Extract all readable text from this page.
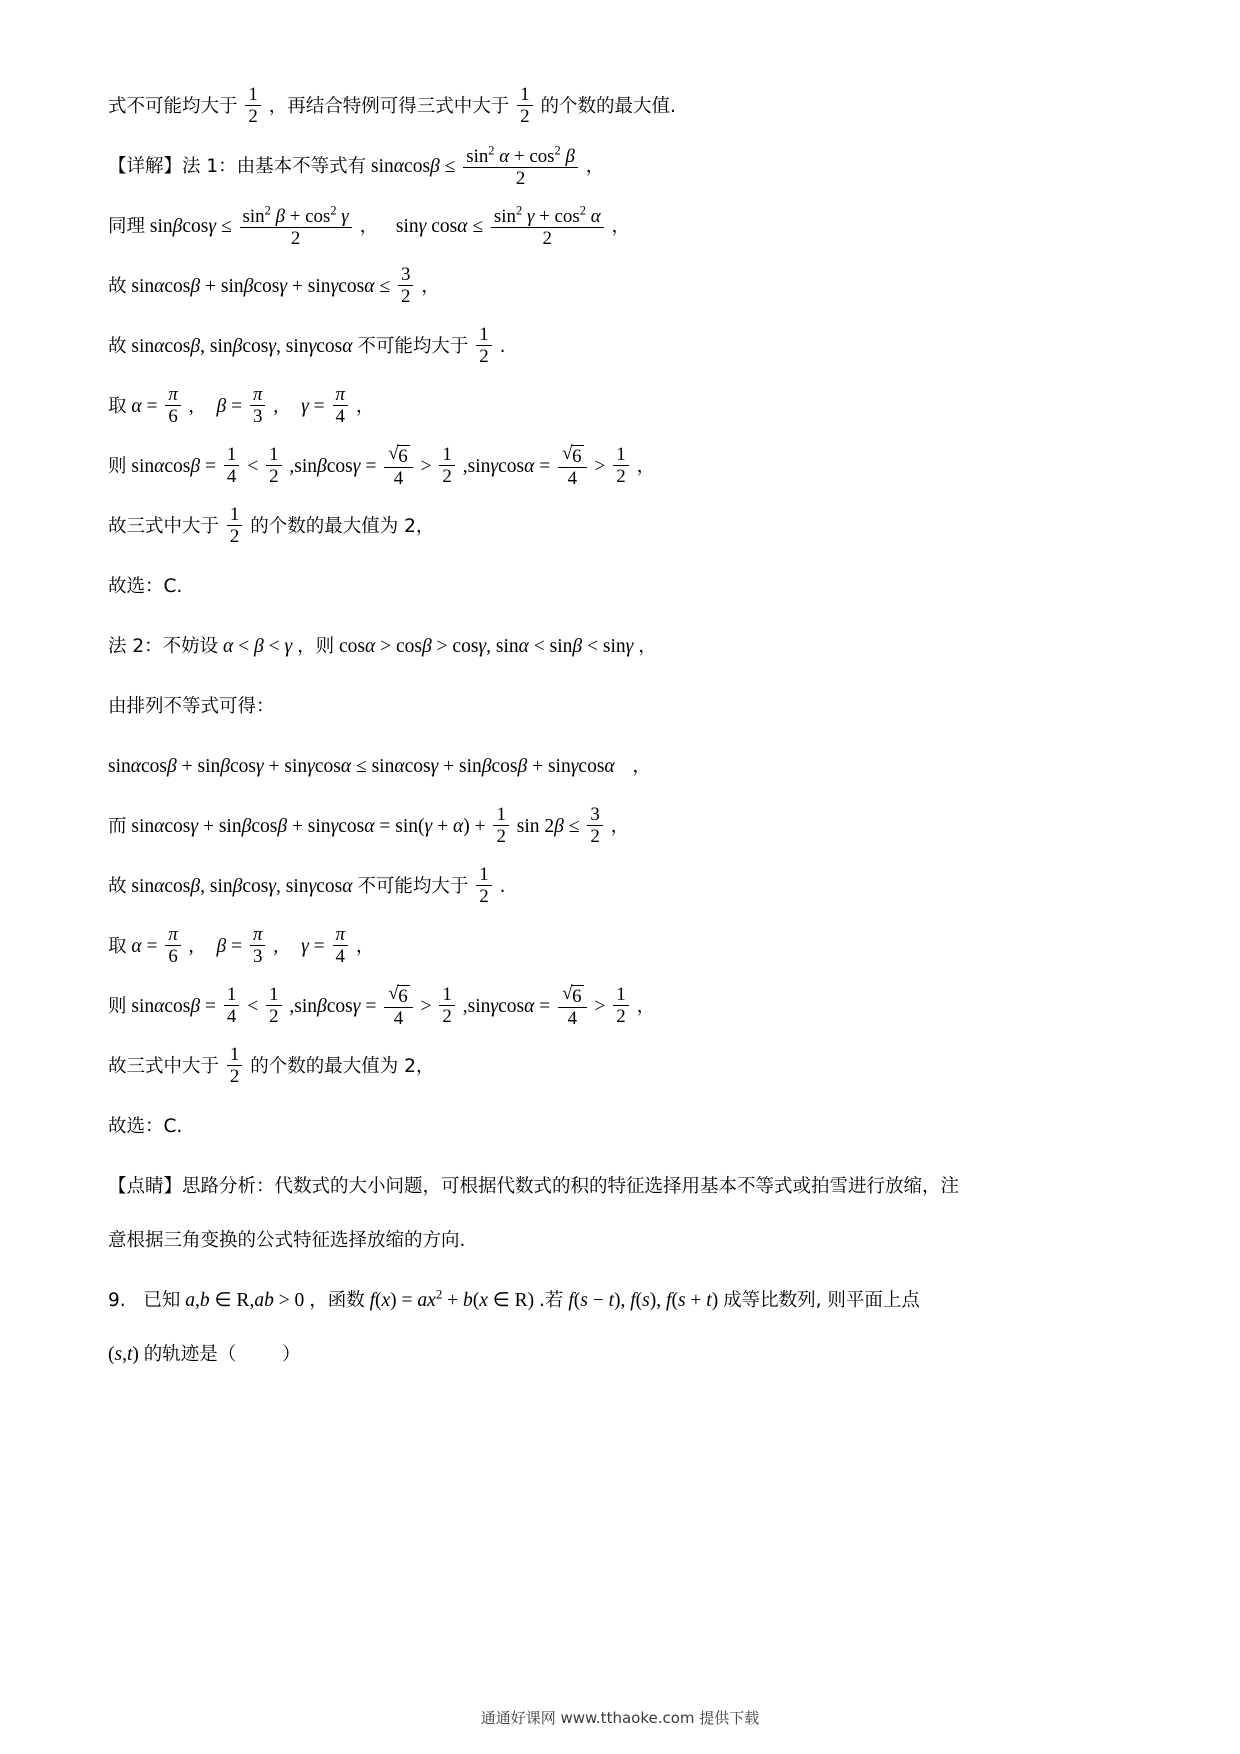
式不可能均大于 $\frac{1}{2}$ ，再结合特例可得三式中大于 $\frac{1}{2}$ 的个数的最大值.
【详解】法 1：由基本不等式有 $\sin\alpha\cos\beta \le \frac{\sin^2 \alpha + \cos^2 \beta}{2}$ ，
同理 $\sin\beta\cos\gamma \le \frac{\sin^2 \beta + \cos^2 \gamma}{2}$ ， sinγ $\cos\alpha \le \frac{\sin^2 \gamma + \cos^2 \alpha}{2}$ ，
故 $\sin\alpha\cos\beta + \sin\beta\cos\gamma + \sin\gamma\cos\alpha \le \frac{3}{2}$ ，
故 sinαcosβ, sinβcosγ, sinγcosα 不可能均大于 $\frac{1}{2}$ .
取 $\alpha = \frac{\pi}{6}$ , $\beta = \frac{\pi}{3}$ , $\gamma = \frac{\pi}{4}$ ，
则 $\sin\alpha\cos\beta = \frac{1}{4} < \frac{1}{2} ,\sin\beta\cos\gamma$ = √ $\frac{6}{4} > \frac{1}{2} ,\sin\gamma\cos\alpha$ = √ $\frac{6}{4} > \frac{1}{2}$ ，
故三式中大于 $\frac{1}{2}$ 的个数的最大值为 2，
故选：C.
法 2：不妨设 α < β < γ ，则 cosα > cosβ > cosγ, sinα < sinβ < sinγ ，
由排列不等式可得：
sinαcosβ + sinβcosγ + sinγcosα ≤ sinαcosγ + sinβcosβ + sinγcosα ，
而 $\sin\alpha\cos\gamma + \sin\beta\cos\beta + \sin\gamma\cos\alpha = \sin(\gamma + \alpha) + \frac{1}{2}$ $\sin 2\beta \le \frac{3}{2}$ ，
故 sinαcosβ, sinβcosγ, sinγcosα 不可能均大于 $\frac{1}{2}$ .
取 $\alpha = \frac{\pi}{6}$ , $\beta = \frac{\pi}{3}$ , $\gamma = \frac{\pi}{4}$ ，
则 $\sin\alpha\cos\beta = \frac{1}{4} < \frac{1}{2} ,\sin\beta\cos\gamma$ = √ $\frac{6}{4} > \frac{1}{2} ,\sin\gamma\cos\alpha$ = √ $\frac{6}{4} > \frac{1}{2}$ ，
故三式中大于 $\frac{1}{2}$ 的个数的最大值为 2，
故选：C.
【点睛】思路分析：代数式的大小问题，可根据代数式的积的特征选择用基本不等式或拍雪进行放缩，注
意根据三角变换的公式特征选择放缩的方向.
9. 已知 a,b ∈ R,ab > 0 ，函数 $f(x) = ax^2 + b(x$ ∈ R) .若 f(s − t), f(s), f(s + t) 成等比数列, 则平面上点
(s,t) 的轨迹是（ ）
通通好课网 www.tthaoke.com 提供下载
